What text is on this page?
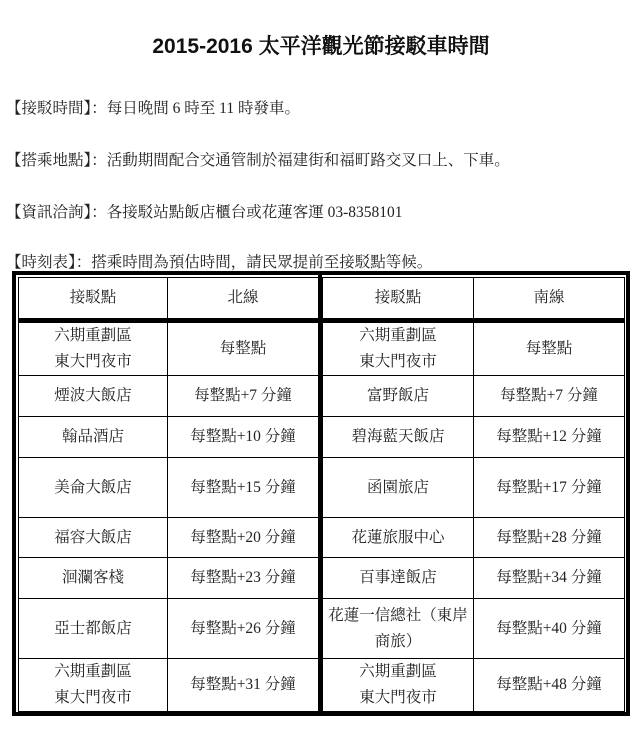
2015-2016 太平洋觀光節接駁車時間
【接駁時間】：每日晚間 6 時至 11 時發車。
【搭乘地點】：活動期間配合交通管制於福建街和福町路交叉口上、下車。
【資訊洽詢】：各接駁站點飯店櫃台或花蓮客運 03-8358101
【時刻表】：搭乘時間為預估時間，請民眾提前至接駁點等候。
接駁點	北線

六期重劃區
東大門夜市	每整點
煙波大飯店	每整點+7 分鐘
翰品酒店	每整點+10 分鐘
美侖大飯店	每整點+15 分鐘
福容大飯店	每整點+20 分鐘
洄瀾客棧	每整點+23 分鐘
亞士都飯店	每整點+26 分鐘

六期重劃區
東大門夜市	每整點+31 分鐘
接駁點	南線

六期重劃區
東大門夜市	每整點
富野飯店	每整點+7 分鐘
碧海藍天飯店	每整點+12 分鐘
函園旅店	每整點+17 分鐘
花蓮旅服中心	每整點+28 分鐘
百事達飯店	每整點+34 分鐘

花蓮一信總社（東岸
商旅）	每整點+40 分鐘

六期重劃區
東大門夜市	每整點+48 分鐘
